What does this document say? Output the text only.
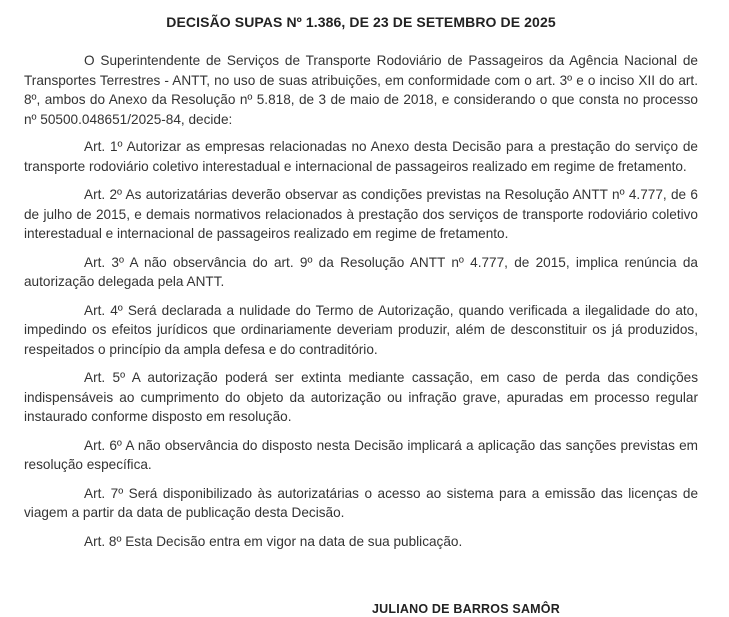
DECISÃO SUPAS Nº 1.386, DE 23 DE SETEMBRO DE 2025

O Superintendente de Serviços de Transporte Rodoviário de Passageiros da Agência Nacional de Transportes Terrestres - ANTT, no uso de suas atribuições, em conformidade com o art. 3º e o inciso XII do art. 8º, ambos do Anexo da Resolução nº 5.818, de 3 de maio de 2018, e considerando o que consta no processo nº 50500.048651/2025-84, decide:

Art. 1º Autorizar as empresas relacionadas no Anexo desta Decisão para a prestação do serviço de transporte rodoviário coletivo interestadual e internacional de passageiros realizado em regime de fretamento.

Art. 2º As autorizatárias deverão observar as condições previstas na Resolução ANTT nº 4.777, de 6 de julho de 2015, e demais normativos relacionados à prestação dos serviços de transporte rodoviário coletivo interestadual e internacional de passageiros realizado em regime de fretamento.

Art. 3º A não observância do art. 9º da Resolução ANTT nº 4.777, de 2015, implica renúncia da autorização delegada pela ANTT.

Art. 4º Será declarada a nulidade do Termo de Autorização, quando verificada a ilegalidade do ato, impedindo os efeitos jurídicos que ordinariamente deveriam produzir, além de desconstituir os já produzidos, respeitados o princípio da ampla defesa e do contraditório.

Art. 5º A autorização poderá ser extinta mediante cassação, em caso de perda das condições indispensáveis ao cumprimento do objeto da autorização ou infração grave, apuradas em processo regular instaurado conforme disposto em resolução.

Art. 6º A não observância do disposto nesta Decisão implicará a aplicação das sanções previstas em resolução específica.

Art. 7º Será disponibilizado às autorizatárias o acesso ao sistema para a emissão das licenças de viagem a partir da data de publicação desta Decisão.

Art. 8º Esta Decisão entra em vigor na data de sua publicação.

JULIANO DE BARROS SAMÔR
